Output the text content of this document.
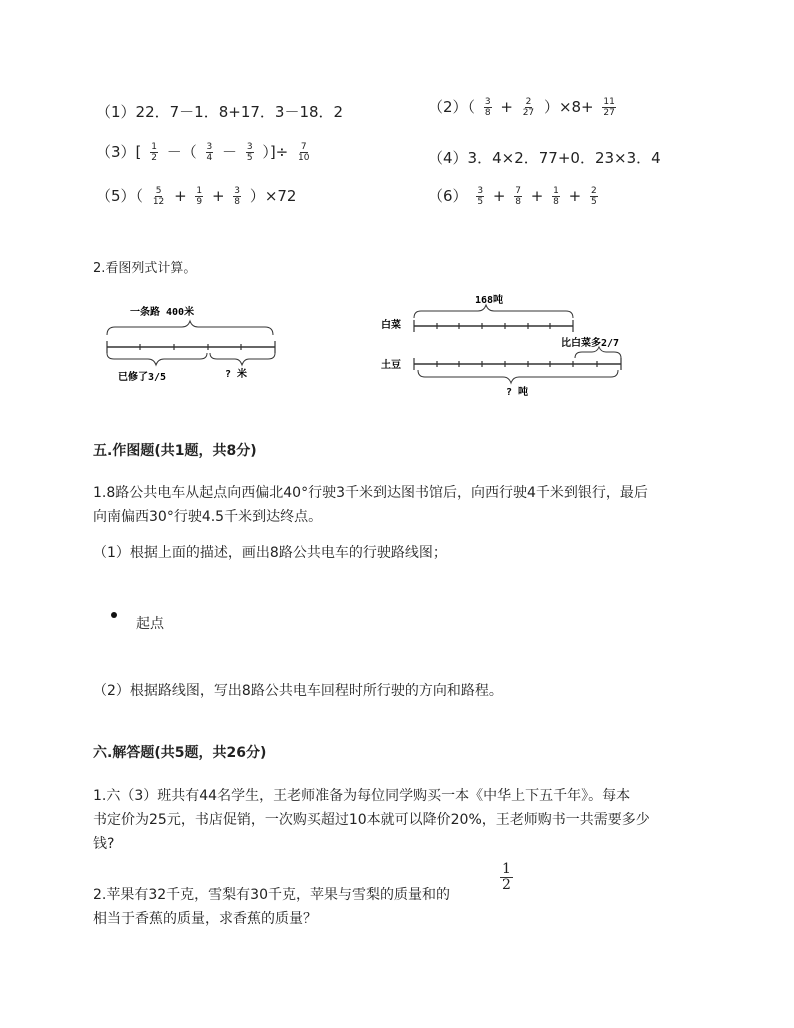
（1）22．7－1．8+17．3－18．2	$(2)( \frac{3}{8} + \frac{2}{27} )\times 8+ \frac{11}{27}$
$(3)[ \frac{1}{2}$ －（ $\frac{3}{4} - \frac{3}{5}$ ）]÷ $\frac{7}{10}$	（4）3．4×2．77+0．23×3．4
$(5)( \frac{5}{12} + \frac{1}{9} + \frac{3}{8} )\times 72$	$(6) \frac{3}{5} + \frac{7}{8} + \frac{1}{8} + \frac{2}{5}$
2.看图列式计算。
一条路 400米
已修了3/5	? 米
168吨
白菜
比白菜多2/7
土豆
? 吨
五.作图题(共1题，共8分)
1.8路公共电车从起点向西偏北40°行驶3千米到达图书馆后，向西行驶4千米到银行，最后
向南偏西30°行驶4.5千米到达终点。
（1）根据上面的描述，画出8路公共电车的行驶路线图；
起点
（2）根据路线图，写出8路公共电车回程时所行驶的方向和路程。
六.解答题(共5题，共26分)
1.六（3）班共有44名学生，王老师准备为每位同学购买一本《中华上下五千年》。每本
书定价为25元，书店促销，一次购买超过10本就可以降价20%，王老师购书一共需要多少
钱?
$\frac{1}{2}$
2.苹果有32千克，雪梨有30千克，苹果与雪梨的质量和的
相当于香蕉的质量，求香蕉的质量？
